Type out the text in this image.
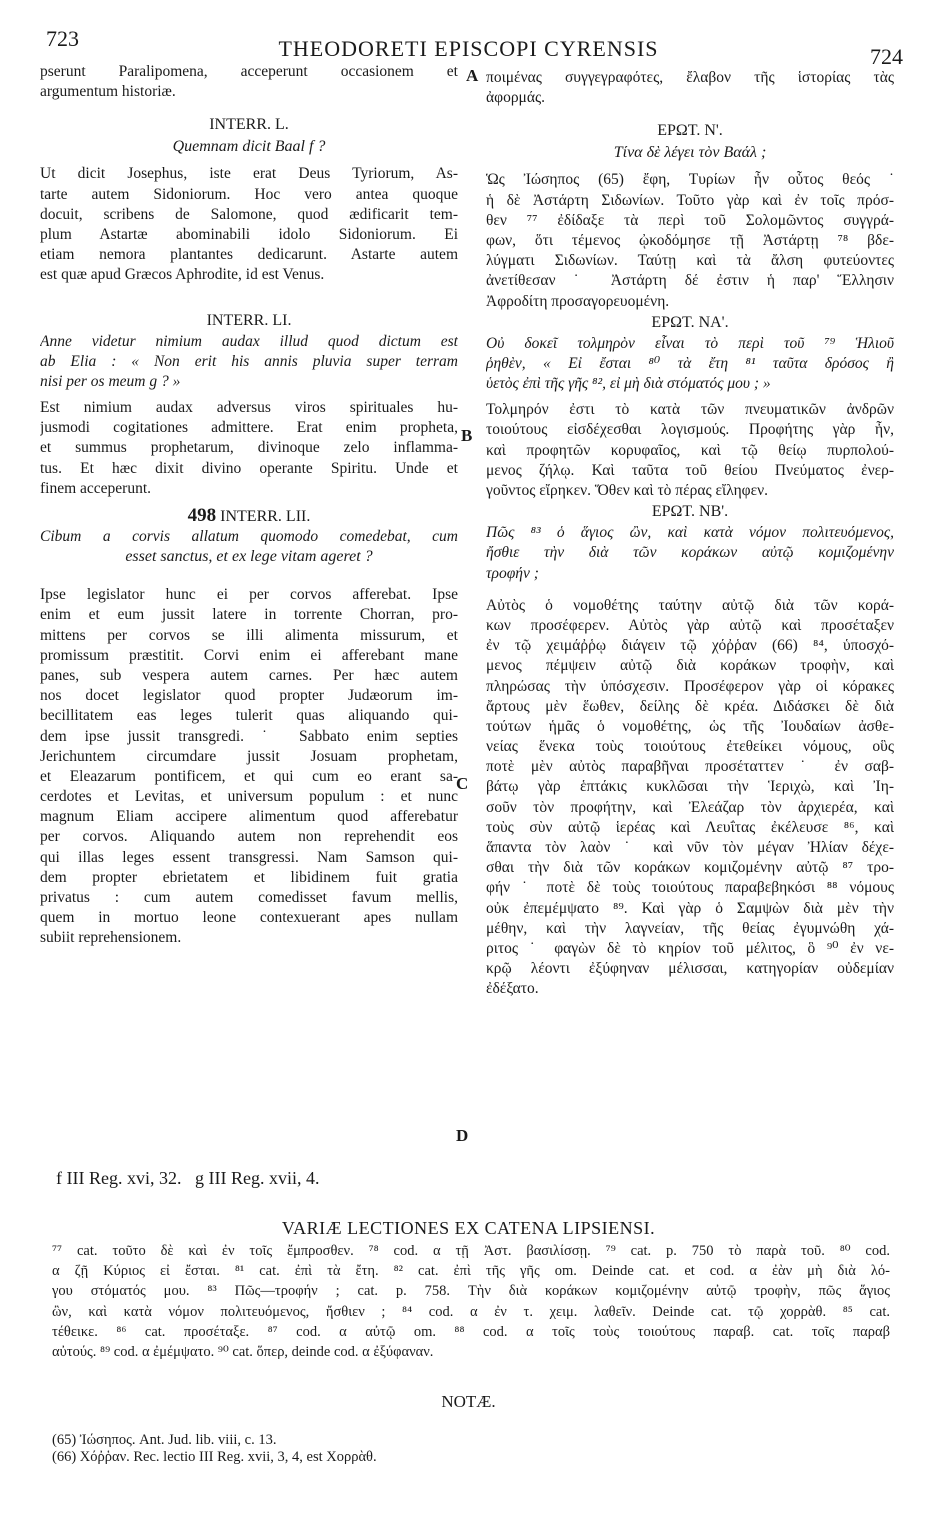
723	THEODORETI EPISCOPI CYRENSIS	724
pserunt Paralipomena, acceperunt occasionem et
argumentum historiæ.
INTERR. L.
Quemnam dicit Baal f ?
Ut dicit Josephus, iste erat Deus Tyriorum, As-
tarte autem Sidoniorum. Hoc vero antea quoque
docuit, scribens de Salomone, quod ædificarit tem-
plum Astartæ abominabili idolo Sidoniorum. Ei
etiam nemora plantantes dedicarunt. Astarte autem
est quæ apud Græcos Aphrodite, id est Venus.
INTERR. LI.
Anne videtur nimium audax illud quod dictum est
ab Elia : « Non erit his annis pluvia super terram
nisi per os meum g ? »
Est nimium audax adversus viros spirituales hu-
jusmodi cogitationes admittere. Erat enim propheta,
et summus prophetarum, divinoque zelo inflamma-
tus. Et hæc dixit divino operante Spiritu. Unde et
finem acceperunt.
498 INTERR. LII.
Cibum a corvis allatum quomodo comedebat, cum
esset sanctus, et ex lege vitam ageret ?
Ipse legislator hunc ei per corvos afferebat. Ipse
enim et eum jussit latere in torrente Chorran, pro-
mittens per corvos se illi alimenta missurum, et
promissum præstitit. Corvi enim ei afferebant mane
panes, sub vespera autem carnes. Per hæc autem
nos docet legislator quod propter Judæorum im-
becillitatem eas leges tulerit quas aliquando qui-
dem ipse jussit transgredi. ˙ Sabbato enim septies
Jerichuntem circumdare jussit Josuam prophetam,
et Eleazarum pontificem, et qui cum eo erant sa-
cerdotes et Levitas, et universum populum : et nunc
magnum Eliam accipere alimentum quod afferebatur
per corvos. Aliquando autem non reprehendit eos
qui illas leges essent transgressi. Nam Samson qui-
dem propter ebrietatem et libidinem fuit gratia
privatus : cum autem comedisset favum mellis,
quem in mortuo leone contexuerant apes nullam
subiit reprehensionem.
A
B
C
D
ποιμένας συγγεγραφότες, ἔλαβον τῆς ἱστορίας τὰς
ἀφορμάς.
ΕΡΩΤ. Ν'.
Τίνα δὲ λέγει τὸν Βαάλ ;
Ὡς Ἰώσηπος (65) ἔφη, Τυρίων ἦν οὗτος θεός ˙
ἡ δὲ Ἀστάρτη Σιδωνίων. Τοῦτο γὰρ καὶ ἐν τοῖς πρόσ-
θεν ⁷⁷ ἐδίδαξε τὰ περὶ τοῦ Σολομῶντος συγγρά-
φων, ὅτι τέμενος ᾠκοδόμησε τῇ Ἀστάρτῃ ⁷⁸ βδε-
λύγματι Σιδωνίων. Ταύτῃ καὶ τὰ ἄλση φυτεύοντες
ἀνετίθεσαν ˙ Ἀστάρτη δέ ἐστιν ἡ παρ' Ἕλλησιν
Ἀφροδίτη προσαγορευομένη.
ΕΡΩΤ. ΝΑ'.
Οὐ δοκεῖ τολμηρὸν εἶναι τὸ περὶ τοῦ ⁷⁹ Ἡλιοῦ
ῥηθὲν, « Εἰ ἔσται ⁸⁰ τὰ ἔτη ⁸¹ ταῦτα δρόσος ἢ
ὑετὸς ἐπὶ τῆς γῆς ⁸², εἰ μὴ διὰ στόματός μου ; »
Τολμηρόν ἐστι τὸ κατὰ τῶν πνευματικῶν ἀνδρῶν
τοιούτους εἰσδέχεσθαι λογισμούς. Προφήτης γὰρ ἦν,
καὶ προφητῶν κορυφαῖος, καὶ τῷ θείῳ πυρπολού-
μενος ζήλῳ. Καὶ ταῦτα τοῦ θείου Πνεύματος ἐνερ-
γοῦντος εἴρηκεν. Ὅθεν καὶ τὸ πέρας εἴληφεν.
ΕΡΩΤ. ΝΒ'.
Πῶς ⁸³ ὁ ἅγιος ὢν, καὶ κατὰ νόμον πολιτευόμενος,
ἤσθιε τὴν διὰ τῶν κοράκων αὐτῷ κομιζομένην
τροφήν ;
Αὐτὸς ὁ νομοθέτης ταύτην αὐτῷ διὰ τῶν κορά-
κων προσέφερεν. Αὐτὸς γὰρ αὐτῷ καὶ προσέταξεν
ἐν τῷ χειμάῤῥῳ διάγειν τῷ χόῤῥαν (66) ⁸⁴, ὑποσχό-
μενος πέμψειν αὐτῷ διὰ κοράκων τροφὴν, καὶ
πληρώσας τὴν ὑπόσχεσιν. Προσέφερον γὰρ οἱ κόρακες
ἄρτους μὲν ἕωθεν, δείλης δὲ κρέα. Διδάσκει δὲ διὰ
τούτων ἡμᾶς ὁ νομοθέτης, ὡς τῆς Ἰουδαίων ἀσθε-
νείας ἕνεκα τοὺς τοιούτους ἐτεθείκει νόμους, οὓς
ποτὲ μὲν αὐτὸς παραβῆναι προσέταττεν ˙ ἐν σαβ-
βάτῳ γὰρ ἑπτάκις κυκλῶσαι τὴν Ἱεριχὼ, καὶ Ἰη-
σοῦν τὸν προφήτην, καὶ Ἐλεάζαρ τὸν ἀρχιερέα, καὶ
τοὺς σὺν αὐτῷ ἱερέας καὶ Λευΐτας ἐκέλευσε ⁸⁶, καὶ
ἅπαντα τὸν λαὸν ˙ καὶ νῦν τὸν μέγαν Ἠλίαν δέχε-
σθαι τὴν διὰ τῶν κοράκων κομιζομένην αὐτῷ ⁸⁷ τρο-
φήν ˙ ποτὲ δὲ τοὺς τοιούτους παραβεβηκόσι ⁸⁸ νόμους
οὐκ ἐπεμέμψατο ⁸⁹. Καὶ γὰρ ὁ Σαμψὼν διὰ μὲν τὴν
μέθην, καὶ τὴν λαγνείαν, τῆς θείας ἐγυμνώθη χά-
ριτος ˙ φαγὼν δὲ τὸ κηρίον τοῦ μέλιτος, ὃ ⁹⁰ ἐν νε-
κρῷ λέοντι ἐξύφηναν μέλισσαι, κατηγορίαν οὐδεμίαν
ἐδέξατο.
f III Reg. xvi, 32.   g III Reg. xvii, 4.
VARIÆ LECTIONES EX CATENA LIPSIENSI.
⁷⁷ cat. τοῦτο δὲ καὶ ἐν τοῖς ἔμπροσθεν. ⁷⁸ cod. α τῇ Ἀστ. βασιλίσσῃ. ⁷⁹ cat. p. 750 τὸ παρὰ τοῦ. ⁸⁰ cod.
α ζῇ Κύριος εἰ ἔσται. ⁸¹ cat. ἐπὶ τὰ ἔτη. ⁸² cat. ἐπὶ τῆς γῆς om. Deinde cat. et cod. α ἐὰν μὴ διὰ λό-
γου στόματός μου. ⁸³ Πῶς—τροφήν ; cat. p. 758. Τὴν διὰ κοράκων κομιζομένην αὐτῷ τροφὴν, πῶς ἅγιος
ὢν, καὶ κατὰ νόμον πολιτευόμενος, ἤσθιεν ; ⁸⁴ cod. α ἐν τ. χειμ. λαθεῖν. Deinde cat. τῷ χορρὰθ. ⁸⁵ cat.
τέθεικε. ⁸⁶ cat. προσέταξε. ⁸⁷ cod. α αὐτῷ om. ⁸⁸ cod. α τοῖς τοὺς τοιούτους παραβ. cat. τοῖς παραβ
αὐτούς. ⁸⁹ cod. α ἐμέμψατο. ⁹⁰ cat. ὅπερ, deinde cod. α ἐξύφαναν.
NOTÆ.
(65) Ἰώσηπος. Ant. Jud. lib. viii, c. 13.
(66) Χόῤῥαν. Rec. lectio III Reg. xvii, 3, 4, est Χορρὰθ.
